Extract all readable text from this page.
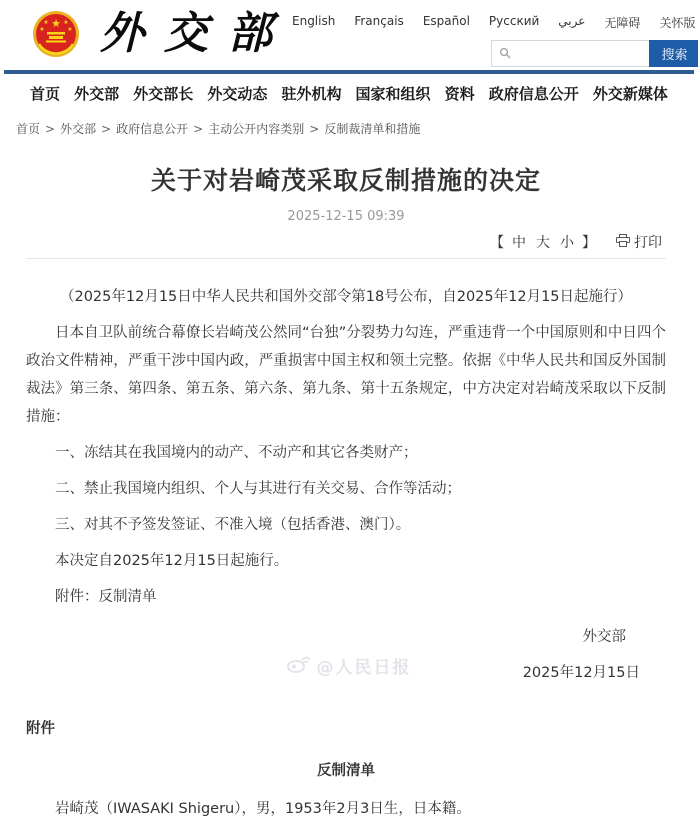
★
★ ★
★	★ 外交部 English Français Español Русский عربي 无障碍 关怀版
搜索
首页 外交部 外交部长 外交动态 驻外机构 国家和组织 资料 政府信息公开 外交新媒体
首页 > 外交部 > 政府信息公开 > 主动公开内容类别 > 反制裁清单和措施
关于对岩崎茂采取反制措施的决定
2025-12-15 09:39
【 中 大 小 】	打印

（2025年12月15日中华人民共和国外交部令第18号公布，自2025年12月15日起施行）

日本自卫队前统合幕僚长岩崎茂公然同“台独”分裂势力勾连，严重违背一个中国原则和中日四个政治文件精神，严重干涉中国内政，严重损害中国主权和领土完整。依据《中华人民共和国反外国制裁法》第三条、第四条、第五条、第六条、第九条、第十五条规定，中方决定对岩崎茂采取以下反制措施：

一、冻结其在我国境内的动产、不动产和其它各类财产；

二、禁止我国境内组织、个人与其进行有关交易、合作等活动；

三、对其不予签发签证、不准入境（包括香港、澳门）。

本决定自2025年12月15日起施行。

附件：反制清单

外交部

2025年12月15日

附件

反制清单

岩崎茂（IWASAKI Shigeru），男，1953年2月3日生，日本籍。

@人民日报
